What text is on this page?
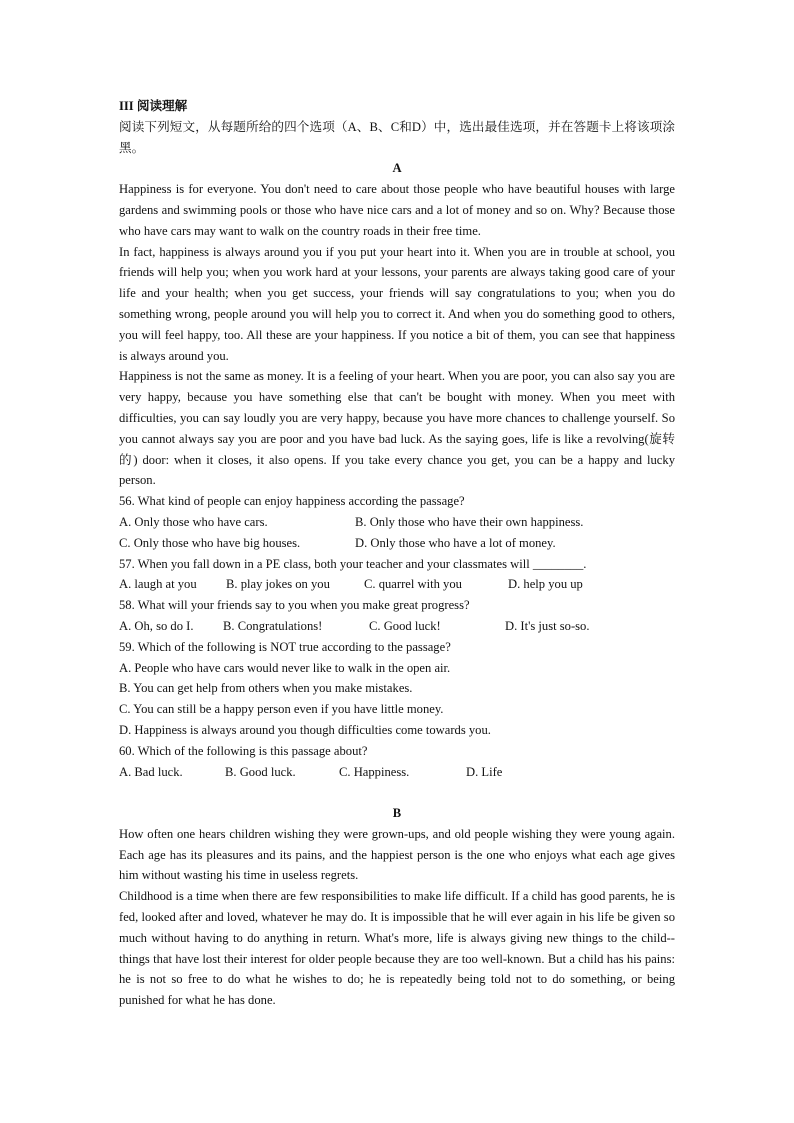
III 阅读理解

阅读下列短文，从每题所给的四个选项（A、B、C和D）中，选出最佳选项，并在答题卡上将该项涂黑。

A

Happiness is for everyone. You don't need to care about those people who have beautiful houses with large gardens and swimming pools or those who have nice cars and a lot of money and so on. Why? Because those who have cars may want to walk on the country roads in their free time.

In fact, happiness is always around you if you put your heart into it. When you are in trouble at school, you friends will help you; when you work hard at your lessons, your parents are always taking good care of your life and your health; when you get success, your friends will say congratulations to you; when you do something wrong, people around you will help you to correct it. And when you do something good to others, you will feel happy, too. All these are your happiness. If you notice a bit of them, you can see that happiness is always around you.

Happiness is not the same as money. It is a feeling of your heart. When you are poor, you can also say you are very happy, because you have something else that can't be bought with money. When you meet with difficulties, you can say loudly you are very happy, because you have more chances to challenge yourself. So you cannot always say you are poor and you have bad luck. As the saying goes, life is like a revolving(旋转的) door: when it closes, it also opens. If you take every chance you get, you can be a happy and lucky person.

56. What kind of people can enjoy happiness according the passage?

A. Only those who have cars.	B. Only those who have their own happiness.
C. Only those who have big houses.	D. Only those who have a lot of money.

57. When you fall down in a PE class, both your teacher and your classmates will ________.

A. laugh at you	B. play jokes on you	C. quarrel with you	D. help you up

58. What will your friends say to you when you make great progress?

A. Oh, so do I.	B. Congratulations!	C. Good luck!	D. It's just so-so.

59. Which of the following is NOT true according to the passage?

A. People who have cars would never like to walk in the open air.

B. You can get help from others when you make mistakes.

C. You can still be a happy person even if you have little money.

D. Happiness is always around you though difficulties come towards you.

60. Which of the following is this passage about?

A. Bad luck.	B. Good luck.	C. Happiness.	D. Life

B

How often one hears children wishing they were grown-ups, and old people wishing they were young again. Each age has its pleasures and its pains, and the happiest person is the one who enjoys what each age gives him without wasting his time in useless regrets.

Childhood is a time when there are few responsibilities to make life difficult. If a child has good parents, he is fed, looked after and loved, whatever he may do. It is impossible that he will ever again in his life be given so much without having to do anything in return. What's more, life is always giving new things to the child--things that have lost their interest for older people because they are too well-known. But a child has his pains: he is not so free to do what he wishes to do; he is repeatedly being told not to do something, or being punished for what he has done.
